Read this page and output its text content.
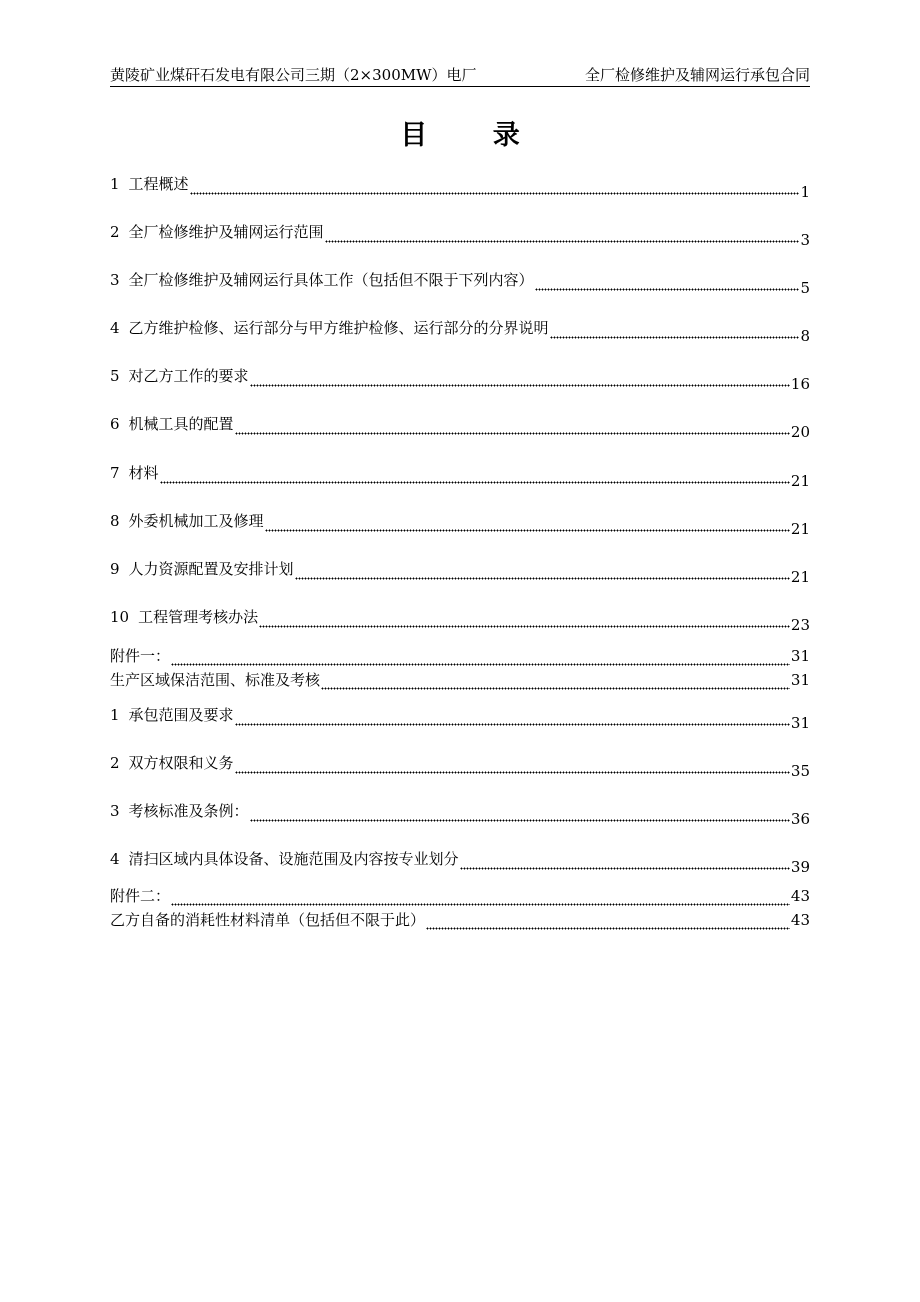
黄陵矿业煤矸石发电有限公司三期（2×300MW）电厂	全厂检修维护及辅网运行承包合同
目 录
1 工程概述	1
2 全厂检修维护及辅网运行范围	3
3 全厂检修维护及辅网运行具体工作（包括但不限于下列内容）	5
4 乙方维护检修、运行部分与甲方维护检修、运行部分的分界说明	8
5 对乙方工作的要求	16
6 机械工具的配置	20
7 材料	21
8 外委机械加工及修理	21
9 人力资源配置及安排计划	21
10 工程管理考核办法	23
附件一：	31
生产区域保洁范围、标准及考核	31
1 承包范围及要求	31
2 双方权限和义务	35
3 考核标准及条例：	36
4 清扫区域内具体设备、设施范围及内容按专业划分	39
附件二：	43
乙方自备的消耗性材料清单（包括但不限于此）	43
